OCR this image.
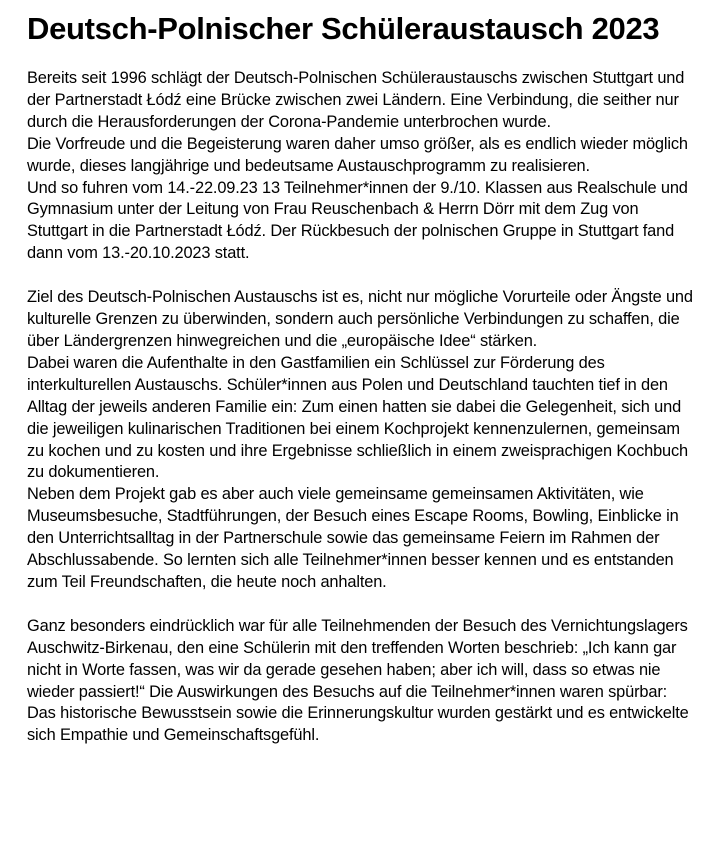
Deutsch-Polnischer Schüleraustausch 2023

Bereits seit 1996 schlägt der Deutsch-Polnischen Schüleraustauschs zwischen Stuttgart und der Partnerstadt Łódź eine Brücke zwischen zwei Ländern. Eine Verbindung, die seither nur durch die Herausforderungen der Corona-Pandemie unterbrochen wurde.

Die Vorfreude und die Begeisterung waren daher umso größer, als es endlich wieder möglich wurde, dieses langjährige und bedeutsame Austauschprogramm zu realisieren.

Und so fuhren vom 14.-22.09.23 13 Teilnehmer*innen der 9./10. Klassen aus Realschule und Gymnasium unter der Leitung von Frau Reuschenbach & Herrn Dörr mit dem Zug von Stuttgart in die Partnerstadt Łódź. Der Rückbesuch der polnischen Gruppe in Stuttgart fand dann vom 13.-20.10.2023 statt.

Ziel des Deutsch-Polnischen Austauschs ist es, nicht nur mögliche Vorurteile oder Ängste und kulturelle Grenzen zu überwinden, sondern auch persönliche Verbindungen zu schaffen, die über Ländergrenzen hinwegreichen und die „europäische Idee“ stärken.

Dabei waren die Aufenthalte in den Gastfamilien ein Schlüssel zur Förderung des interkulturellen Austauschs. Schüler*innen aus Polen und Deutschland tauchten tief in den Alltag der jeweils anderen Familie ein: Zum einen hatten sie dabei die Gelegenheit, sich und die jeweiligen kulinarischen Traditionen bei einem Kochprojekt kennenzulernen, gemeinsam zu kochen und zu kosten und ihre Ergebnisse schließlich in einem zweisprachigen Kochbuch zu dokumentieren.

Neben dem Projekt gab es aber auch viele gemeinsame gemeinsamen Aktivitäten, wie Museumsbesuche, Stadtführungen, der Besuch eines Escape Rooms, Bowling, Einblicke in den Unterrichtsalltag in der Partnerschule sowie das gemeinsame Feiern im Rahmen der Abschlussabende. So lernten sich alle Teilnehmer*innen besser kennen und es entstanden zum Teil Freundschaften, die heute noch anhalten.

Ganz besonders eindrücklich war für alle Teilnehmenden der Besuch des Vernichtungslagers Auschwitz-Birkenau, den eine Schülerin mit den treffenden Worten beschrieb: „Ich kann gar nicht in Worte fassen, was wir da gerade gesehen haben; aber ich will, dass so etwas nie wieder passiert!“ Die Auswirkungen des Besuchs auf die Teilnehmer*innen waren spürbar: Das historische Bewusstsein sowie die Erinnerungskultur wurden gestärkt und es entwickelte sich Empathie und Gemeinschaftsgefühl.
